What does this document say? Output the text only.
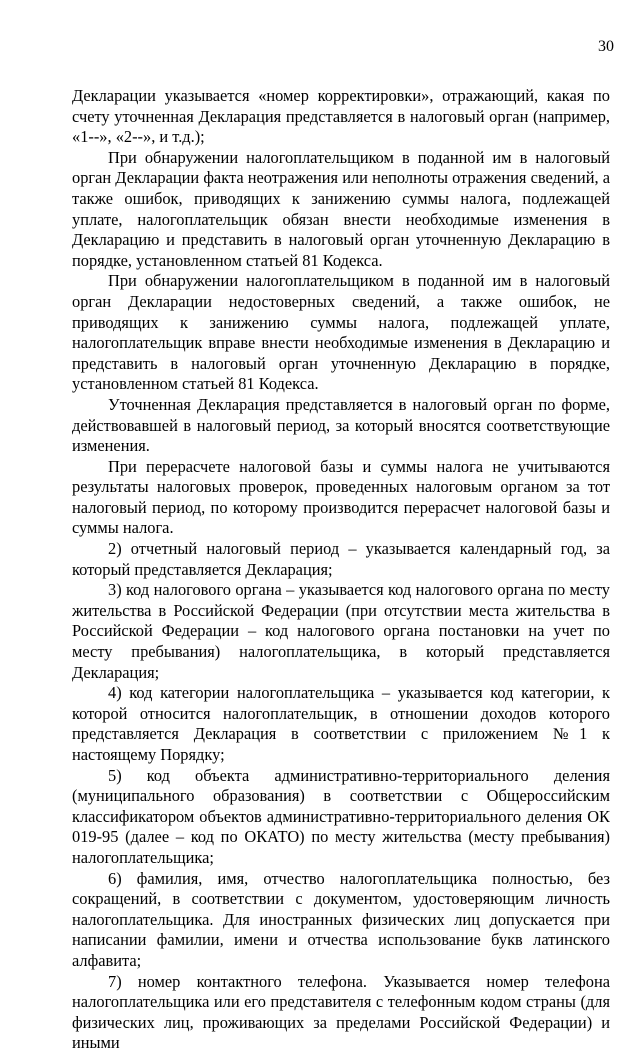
30

Декларации указывается «номер корректировки», отражающий, какая по счету уточненная Декларация представляется в налоговый орган (например, «1--», «2--», и т.д.);

При обнаружении налогоплательщиком в поданной им в налоговый орган Декларации факта неотражения или неполноты отражения сведений, а также ошибок, приводящих к занижению суммы налога, подлежащей уплате, налогоплательщик обязан внести необходимые изменения в Декларацию и представить в налоговый орган уточненную Декларацию в порядке, установленном статьей 81 Кодекса.

При обнаружении налогоплательщиком в поданной им в налоговый орган Декларации недостоверных сведений, а также ошибок, не приводящих к занижению суммы налога, подлежащей уплате, налогоплательщик вправе внести необходимые изменения в Декларацию и представить в налоговый орган уточненную Декларацию в порядке, установленном статьей 81 Кодекса.

Уточненная Декларация представляется в налоговый орган по форме, действовавшей в налоговый период, за который вносятся соответствующие изменения.

При перерасчете налоговой базы и суммы налога не учитываются результаты налоговых проверок, проведенных налоговым органом за тот налоговый период, по которому производится перерасчет налоговой базы и суммы налога.

2) отчетный налоговый период – указывается календарный год, за который представляется Декларация;

3) код налогового органа – указывается код налогового органа по месту жительства в Российской Федерации (при отсутствии места жительства в Российской Федерации – код налогового органа постановки на учет по месту пребывания) налогоплательщика, в который представляется Декларация;

4) код категории налогоплательщика – указывается код категории, к которой относится налогоплательщик, в отношении доходов которого представляется Декларация в соответствии с приложением №1 к настоящему Порядку;

5) код объекта административно-территориального деления (муниципального образования) в соответствии с Общероссийским классификатором объектов административно-территориального деления ОК 019-95 (далее – код по ОКАТО) по месту жительства (месту пребывания) налогоплательщика;

6) фамилия, имя, отчество налогоплательщика полностью, без сокращений, в соответствии с документом, удостоверяющим личность налогоплательщика. Для иностранных физических лиц допускается при написании фамилии, имени и отчества использование букв латинского алфавита;

7) номер контактного телефона. Указывается номер телефона налогоплательщика или его представителя с телефонным кодом страны (для физических лиц, проживающих за пределами Российской Федерации) и иными
